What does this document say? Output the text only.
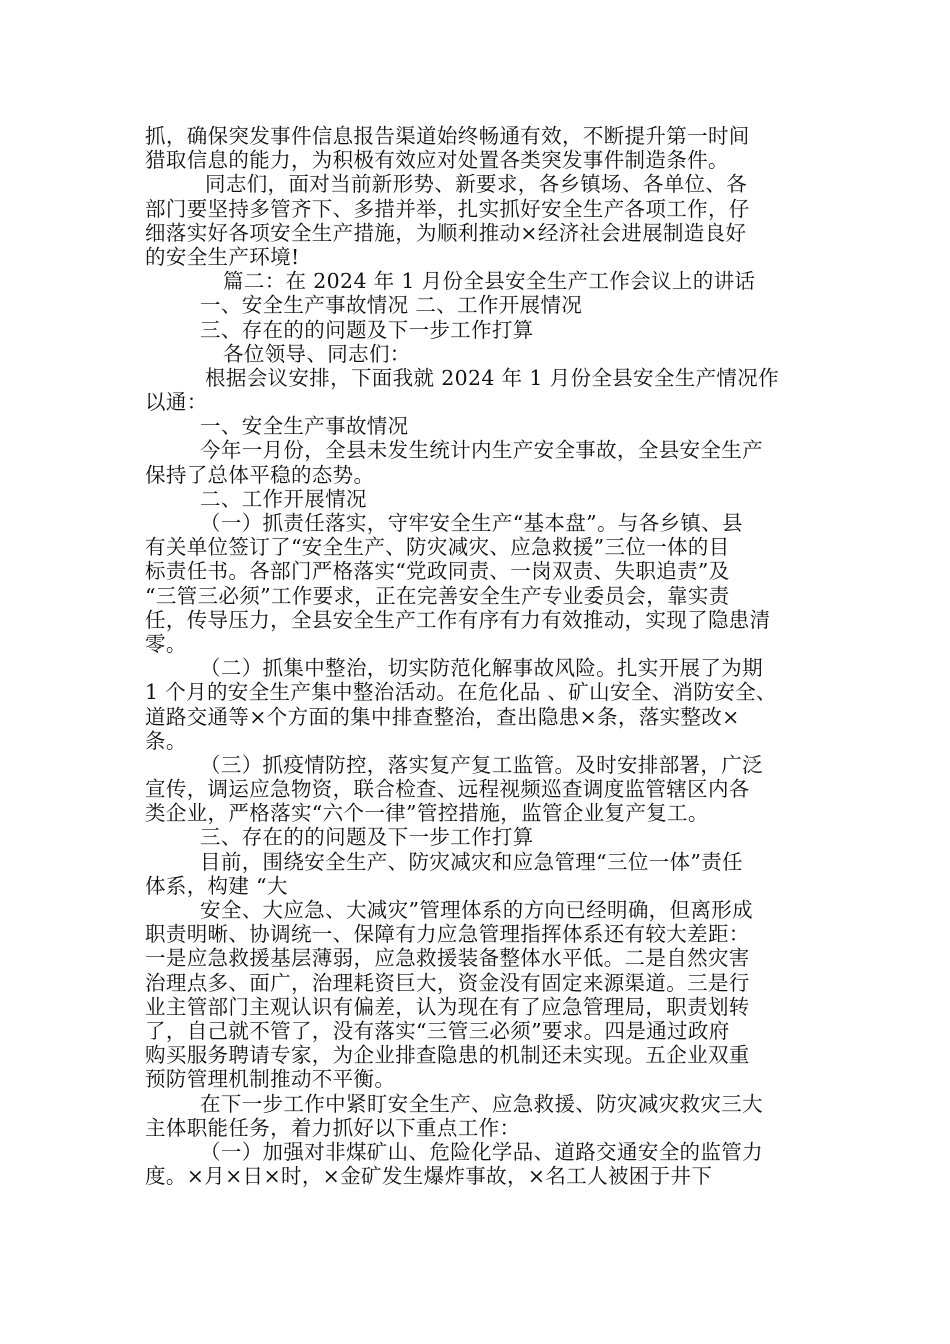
抓，确保突发事件信息报告渠道始终畅通有效，不断提升第一时间
猎取信息的能力，为积极有效应对处置各类突发事件制造条件。
同志们，面对当前新形势、新要求，各乡镇场、各单位、各
部门要坚持多管齐下、多措并举，扎实抓好安全生产各项工作，仔
细落实好各项安全生产措施，为顺利推动×经济社会进展制造良好
的安全生产环境!
篇二：在 2024 年 1 月份全县安全生产工作会议上的讲话
一、安全生产事故情况 二、工作开展情况
三、存在的的问题及下一步工作打算
各位领导、同志们：
根据会议安排，下面我就 2024 年 1 月份全县安全生产情况作
以通：
一、安全生产事故情况
今年一月份，全县未发生统计内生产安全事故，全县安全生产
保持了总体平稳的态势。
二、工作开展情况
（一）抓责任落实，守牢安全生产“基本盘”。与各乡镇、县
有关单位签订了“安全生产、防灾减灾、应急救援”三位一体的目
标责任书。各部门严格落实“党政同责、一岗双责、失职追责”及
“三管三必须”工作要求，正在完善安全生产专业委员会，靠实责
任，传导压力，全县安全生产工作有序有力有效推动，实现了隐患清
零。
（二）抓集中整治，切实防范化解事故风险。扎实开展了为期
1 个月的安全生产集中整治活动。在危化品 、矿山安全、消防安全、
道路交通等×个方面的集中排查整治，查出隐患×条，落实整改×
条。
（三）抓疫情防控，落实复产复工监管。及时安排部署，广泛
宣传，调运应急物资，联合检查、远程视频巡查调度监管辖区内各
类企业，严格落实“六个一律”管控措施，监管企业复产复工。
三、存在的的问题及下一步工作打算
目前，围绕安全生产、防灾减灾和应急管理“三位一体”责任
体系，构建 “大
安全、大应急、大减灾”管理体系的方向已经明确，但离形成
职责明晰、协调统一、保障有力应急管理指挥体系还有较大差距：
一是应急救援基层薄弱，应急救援装备整体水平低。二是自然灾害
治理点多、面广，治理耗资巨大，资金没有固定来源渠道。三是行
业主管部门主观认识有偏差，认为现在有了应急管理局，职责划转
了，自己就不管了，没有落实“三管三必须”要求。四是通过政府
购买服务聘请专家，为企业排查隐患的机制还未实现。五企业双重
预防管理机制推动不平衡。
在下一步工作中紧盯安全生产、应急救援、防灾减灾救灾三大
主体职能任务，着力抓好以下重点工作：
（一）加强对非煤矿山、危险化学品、道路交通安全的监管力
度。×月×日×时，×金矿发生爆炸事故，×名工人被困于井下
